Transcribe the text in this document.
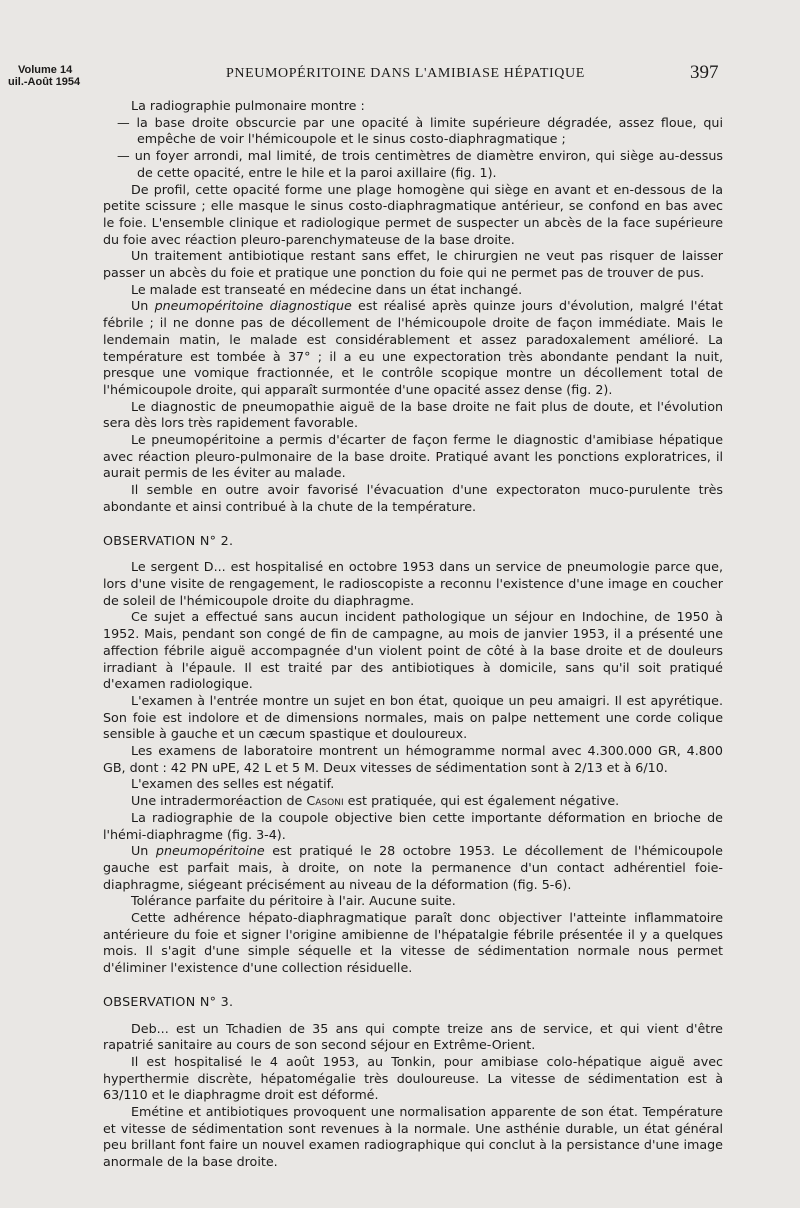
Volume 14
uil.-Août 1954
PNEUMOPÉRITOINE DANS L'AMIBIASE HÉPATIQUE	397

La radiographie pulmonaire montre :

— la base droite obscurcie par une opacité à limite supérieure dégradée, assez floue, qui empêche de voir l'hémicoupole et le sinus costo-diaphragmatique ;

— un foyer arrondi, mal limité, de trois centimètres de diamètre environ, qui siège au-dessus de cette opacité, entre le hile et la paroi axillaire (fig. 1).

De profil, cette opacité forme une plage homogène qui siège en avant et en-dessous de la petite scissure ; elle masque le sinus costo-diaphragmatique antérieur, se confond en bas avec le foie. L'ensemble clinique et radiologique permet de suspecter un abcès de la face supérieure du foie avec réaction pleuro-parenchymateuse de la base droite.

Un traitement antibiotique restant sans effet, le chirurgien ne veut pas risquer de laisser passer un abcès du foie et pratique une ponction du foie qui ne permet pas de trouver de pus.

Le malade est transeaté en médecine dans un état inchangé.

Un pneumopéritoine diagnostique est réalisé après quinze jours d'évolution, malgré l'état fébrile ; il ne donne pas de décollement de l'hémicoupole droite de façon immédiate. Mais le lendemain matin, le malade est considérablement et assez paradoxalement amélioré. La température est tombée à 37° ; il a eu une expectoration très abondante pendant la nuit, presque une vomique fractionnée, et le contrôle scopique montre un décollement total de l'hémicoupole droite, qui apparaît surmontée d'une opacité assez dense (fig. 2).

Le diagnostic de pneumopathie aiguë de la base droite ne fait plus de doute, et l'évolution sera dès lors très rapidement favorable.

Le pneumopéritoine a permis d'écarter de façon ferme le diagnostic d'amibiase hépatique avec réaction pleuro-pulmonaire de la base droite. Pratiqué avant les ponctions exploratrices, il aurait permis de les éviter au malade.

Il semble en outre avoir favorisé l'évacuation d'une expectoraton muco-purulente très abondante et ainsi contribué à la chute de la température.

OBSERVATION N° 2.

Le sergent D... est hospitalisé en octobre 1953 dans un service de pneumologie parce que, lors d'une visite de rengagement, le radioscopiste a reconnu l'existence d'une image en coucher de soleil de l'hémicoupole droite du diaphragme.

Ce sujet a effectué sans aucun incident pathologique un séjour en Indochine, de 1950 à 1952. Mais, pendant son congé de fin de campagne, au mois de janvier 1953, il a présenté une affection fébrile aiguë accompagnée d'un violent point de côté à la base droite et de douleurs irradiant à l'épaule. Il est traité par des antibiotiques à domicile, sans qu'il soit pratiqué d'examen radiologique.

L'examen à l'entrée montre un sujet en bon état, quoique un peu amaigri. Il est apyrétique. Son foie est indolore et de dimensions normales, mais on palpe nettement une corde colique sensible à gauche et un cæcum spastique et douloureux.

Les examens de laboratoire montrent un hémogramme normal avec 4.300.000 GR, 4.800 GB, dont : 42 PN uPE, 42 L et 5 M. Deux vitesses de sédimentation sont à 2/13 et à 6/10.

L'examen des selles est négatif.

Une intradermoréaction de Casoni est pratiquée, qui est également négative.

La radiographie de la coupole objective bien cette importante déformation en brioche de l'hémi-diaphragme (fig. 3-4).

Un pneumopéritoine est pratiqué le 28 octobre 1953. Le décollement de l'hémicoupole gauche est parfait mais, à droite, on note la permanence d'un contact adhérentiel foie-diaphragme, siégeant précisément au niveau de la déformation (fig. 5-6).

Tolérance parfaite du péritoire à l'air. Aucune suite.

Cette adhérence hépato-diaphragmatique paraît donc objectiver l'atteinte inflammatoire antérieure du foie et signer l'origine amibienne de l'hépatalgie fébrile présentée il y a quelques mois. Il s'agit d'une simple séquelle et la vitesse de sédimentation normale nous permet d'éliminer l'existence d'une collection résiduelle.

OBSERVATION N° 3.

Deb... est un Tchadien de 35 ans qui compte treize ans de service, et qui vient d'être rapatrié sanitaire au cours de son second séjour en Extrême-Orient.

Il est hospitalisé le 4 août 1953, au Tonkin, pour amibiase colo-hépatique aiguë avec hyperthermie discrète, hépatomégalie très douloureuse. La vitesse de sédimentation est à 63/110 et le diaphragme droit est déformé.

Emétine et antibiotiques provoquent une normalisation apparente de son état. Température et vitesse de sédimentation sont revenues à la normale. Une asthénie durable, un état général peu brillant font faire un nouvel examen radiographique qui conclut à la persistance d'une image anormale de la base droite.
